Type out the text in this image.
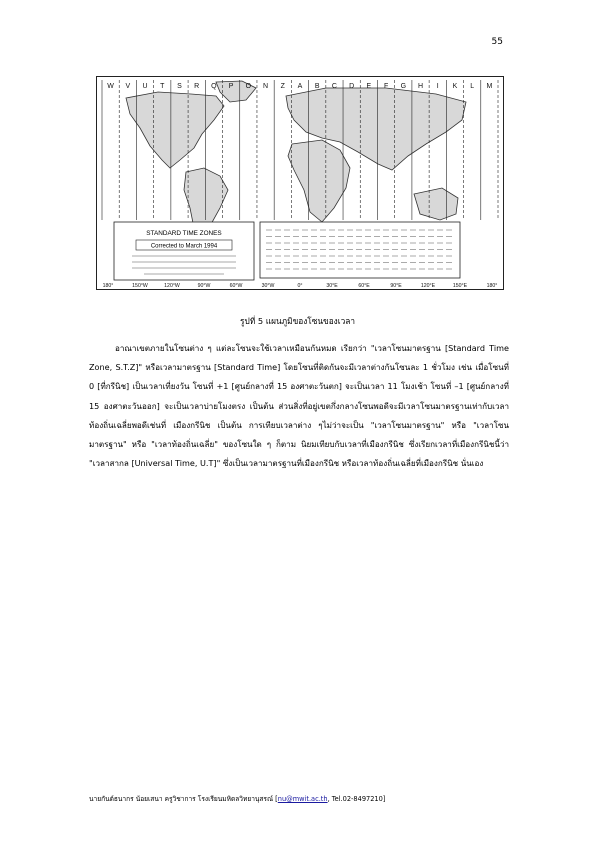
55
W V U T S R Q P O N Z A B C D E F G H I K L M
STANDARD TIME ZONES
Corrected to March 1994
180°	150°W	120°W	90°W	60°W	30°W	0°	30°E	60°E	90°E	120°E	150°E	180°
รูปที่ 5 แผนภูมิของโซนของเวลา

อาณาเขตภายในโซนต่าง ๆ แต่ละโซนจะใช้เวลาเหมือนกันหมด เรียกว่า "เวลาโซนมาตรฐาน [Standard Time Zone, S.T.Z]" หรือเวลามาตรฐาน [Standard Time] โดยโซนที่ติดกันจะมีเวลาต่างกันโซนละ 1 ชั่วโมง เช่น เมื่อโซนที่ 0 [ที่กรีนิช] เป็นเวลาเที่ยงวัน โซนที่ +1 [ศูนย์กลางที่ 15 องศาตะวันตก] จะเป็นเวลา 11 โมงเช้า โซนที่ –1 [ศูนย์กลางที่ 15 องศาตะวันออก] จะเป็นเวลาบ่ายโมงตรง เป็นต้น ส่วนสิ่งที่อยู่เขตกึ่งกลางโซนพอดีจะมีเวลาโซนมาตรฐานเท่ากับเวลาท้องถิ่นเฉลี่ยพอดีเช่นที่ เมืองกรีนิช เป็นต้น การเทียบเวลาต่าง ๆไม่ว่าจะเป็น "เวลาโซนมาตรฐาน" หรือ "เวลาโซน มาตรฐาน" หรือ "เวลาท้องถิ่นเฉลี่ย" ของโซนใด ๆ ก็ตาม นิยมเทียบกับเวลาที่เมืองกรีนิช ซึ่งเรียกเวลาที่เมืองกรีนิชนี้ว่า "เวลาสากล [Universal Time, U.T]" ซึ่งเป็นเวลามาตรฐานที่เมืองกรีนิช หรือเวลาท้องถิ่นเฉลี่ยที่เมืองกรีนิช นั่นเอง

นายกันต์ธนากร น้อยเสนา ครูวิชาการ โรงเรียนมหิดลวิทยานุสรณ์ [nu@mwit.ac.th, Tel.02-8497210]
